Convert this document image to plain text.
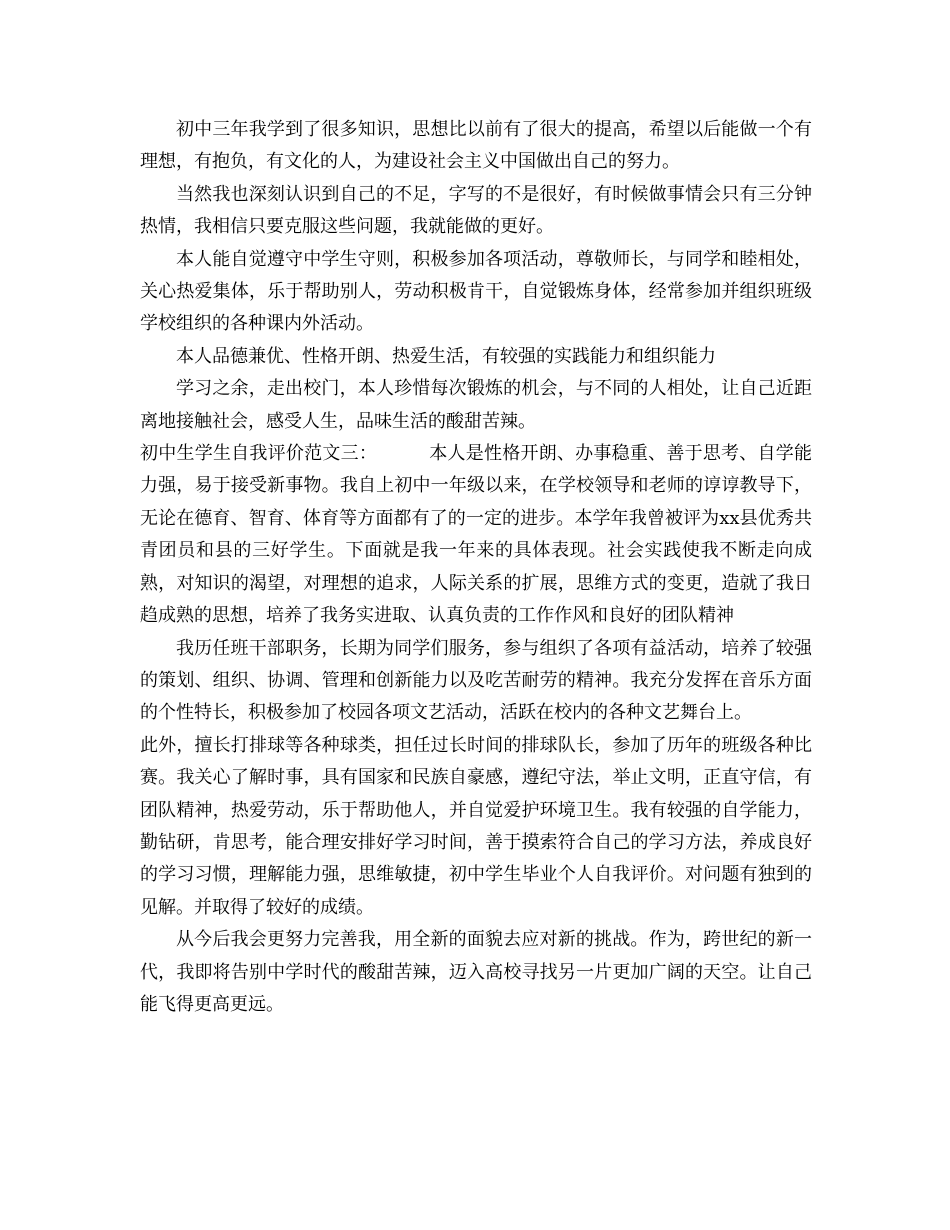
初中三年我学到了很多知识，思想比以前有了很大的提高，希望以后能做一个有理想，有抱负，有文化的人，为建设社会主义中国做出自己的努力。

当然我也深刻认识到自己的不足，字写的不是很好，有时候做事情会只有三分钟热情，我相信只要克服这些问题，我就能做的更好。

本人能自觉遵守中学生守则，积极参加各项活动，尊敬师长，与同学和睦相处，关心热爱集体，乐于帮助别人，劳动积极肯干，自觉锻炼身体，经常参加并组织班级学校组织的各种课内外活动。

本人品德兼优、性格开朗、热爱生活，有较强的实践能力和组织能力

学习之余，走出校门，本人珍惜每次锻炼的机会，与不同的人相处，让自己近距离地接触社会，感受人生，品味生活的酸甜苦辣。

初中生学生自我评价范文三：	本人是性格开朗、办事稳重、善于思考、自学能力强，易于接受新事物。我自上初中一年级以来，在学校领导和老师的谆谆教导下，无论在德育、智育、体育等方面都有了的一定的进步。本学年我曾被评为xx县优秀共青团员和县的三好学生。下面就是我一年来的具体表现。社会实践使我不断走向成熟，对知识的渴望，对理想的追求，人际关系的扩展，思维方式的变更，造就了我日趋成熟的思想，培养了我务实进取、认真负责的工作作风和良好的团队精神

我历任班干部职务，长期为同学们服务，参与组织了各项有益活动，培养了较强的策划、组织、协调、管理和创新能力以及吃苦耐劳的精神。我充分发挥在音乐方面的个性特长，积极参加了校园各项文艺活动，活跃在校内的各种文艺舞台上。

此外，擅长打排球等各种球类，担任过长时间的排球队长，参加了历年的班级各种比赛。我关心了解时事，具有国家和民族自豪感，遵纪守法，举止文明，正直守信，有团队精神，热爱劳动，乐于帮助他人，并自觉爱护环境卫生。我有较强的自学能力，勤钻研，肯思考，能合理安排好学习时间，善于摸索符合自己的学习方法，养成良好的学习习惯，理解能力强，思维敏捷，初中学生毕业个人自我评价。对问题有独到的见解。并取得了较好的成绩。

从今后我会更努力完善我，用全新的面貌去应对新的挑战。作为，跨世纪的新一代，我即将告别中学时代的酸甜苦辣，迈入高校寻找另一片更加广阔的天空。让自己能飞得更高更远。
